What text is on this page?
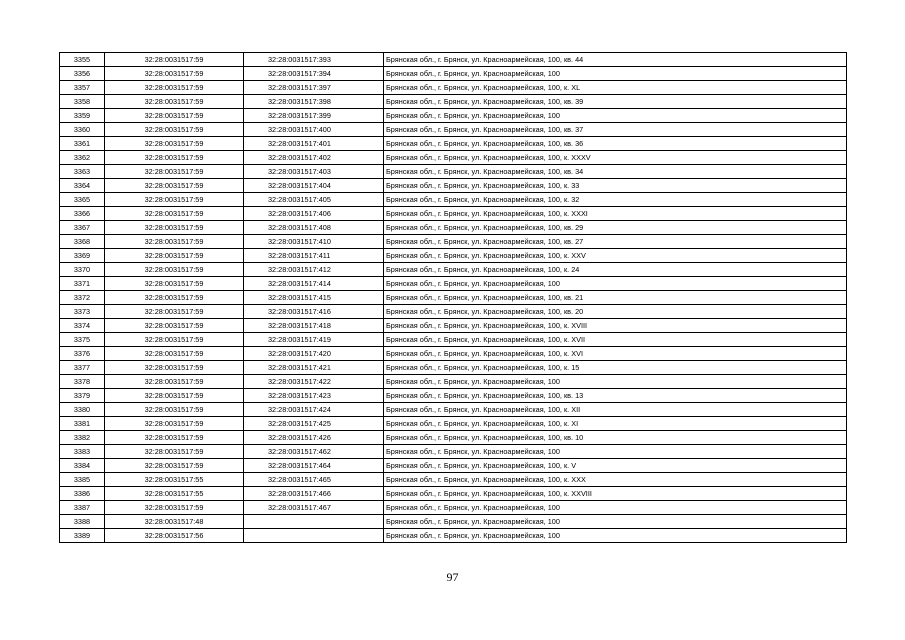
3355	32:28:0031517:59	32:28:0031517:393	Брянская обл., г. Брянск, ул. Красноармейская, 100, кв. 44
3356	32:28:0031517:59	32:28:0031517:394	Брянская обл., г. Брянск, ул. Красноармейская, 100
3357	32:28:0031517:59	32:28:0031517:397	Брянская обл., г. Брянск, ул. Красноармейская, 100, к. XL
3358	32:28:0031517:59	32:28:0031517:398	Брянская обл., г. Брянск, ул. Красноармейская, 100, кв. 39
3359	32:28:0031517:59	32:28:0031517:399	Брянская обл., г. Брянск, ул. Красноармейская, 100
3360	32:28:0031517:59	32:28:0031517:400	Брянская обл., г. Брянск, ул. Красноармейская, 100, кв. 37
3361	32:28:0031517:59	32:28:0031517:401	Брянская обл., г. Брянск, ул. Красноармейская, 100, кв. 36
3362	32:28:0031517:59	32:28:0031517:402	Брянская обл., г. Брянск, ул. Красноармейская, 100, к. XXXV
3363	32:28:0031517:59	32:28:0031517:403	Брянская обл., г. Брянск, ул. Красноармейская, 100, кв. 34
3364	32:28:0031517:59	32:28:0031517:404	Брянская обл., г. Брянск, ул. Красноармейская, 100, к. 33
3365	32:28:0031517:59	32:28:0031517:405	Брянская обл., г. Брянск, ул. Красноармейская, 100, к. 32
3366	32:28:0031517:59	32:28:0031517:406	Брянская обл., г. Брянск, ул. Красноармейская, 100, к. XXXI
3367	32:28:0031517:59	32:28:0031517:408	Брянская обл., г. Брянск, ул. Красноармейская, 100, кв. 29
3368	32:28:0031517:59	32:28:0031517:410	Брянская обл., г. Брянск, ул. Красноармейская, 100, кв. 27
3369	32:28:0031517:59	32:28:0031517:411	Брянская обл., г. Брянск, ул. Красноармейская, 100, к. XXV
3370	32:28:0031517:59	32:28:0031517:412	Брянская обл., г. Брянск, ул. Красноармейская, 100, к. 24
3371	32:28:0031517:59	32:28:0031517:414	Брянская обл., г. Брянск, ул. Красноармейская, 100
3372	32:28:0031517:59	32:28:0031517:415	Брянская обл., г. Брянск, ул. Красноармейская, 100, кв. 21
3373	32:28:0031517:59	32:28:0031517:416	Брянская обл., г. Брянск, ул. Красноармейская, 100, кв. 20
3374	32:28:0031517:59	32:28:0031517:418	Брянская обл., г. Брянск, ул. Красноармейская, 100, к. XVIII
3375	32:28:0031517:59	32:28:0031517:419	Брянская обл., г. Брянск, ул. Красноармейская, 100, к. XVII
3376	32:28:0031517:59	32:28:0031517:420	Брянская обл., г. Брянск, ул. Красноармейская, 100, к. XVI
3377	32:28:0031517:59	32:28:0031517:421	Брянская обл., г. Брянск, ул. Красноармейская, 100, к. 15
3378	32:28:0031517:59	32:28:0031517:422	Брянская обл., г. Брянск, ул. Красноармейская, 100
3379	32:28:0031517:59	32:28:0031517:423	Брянская обл., г. Брянск, ул. Красноармейская, 100, кв. 13
3380	32:28:0031517:59	32:28:0031517:424	Брянская обл., г. Брянск, ул. Красноармейская, 100, к. XII
3381	32:28:0031517:59	32:28:0031517:425	Брянская обл., г. Брянск, ул. Красноармейская, 100, к. XI
3382	32:28:0031517:59	32:28:0031517:426	Брянская обл., г. Брянск, ул. Красноармейская, 100, кв. 10
3383	32:28:0031517:59	32:28:0031517:462	Брянская обл., г. Брянск, ул. Красноармейская, 100
3384	32:28:0031517:59	32:28:0031517:464	Брянская обл., г. Брянск, ул. Красноармейская, 100, к. V
3385	32:28:0031517:55	32:28:0031517:465	Брянская обл., г. Брянск, ул. Красноармейская, 100, к. XXX
3386	32:28:0031517:55	32:28:0031517:466	Брянская обл., г. Брянск, ул. Красноармейская, 100, к. XXVIII
3387	32:28:0031517:59	32:28:0031517:467	Брянская обл., г. Брянск, ул. Красноармейская, 100
3388	32:28:0031517:48		Брянская обл., г. Брянск, ул. Красноармейская, 100
3389	32:28:0031517:56		Брянская обл., г. Брянск, ул. Красноармейская, 100
97
